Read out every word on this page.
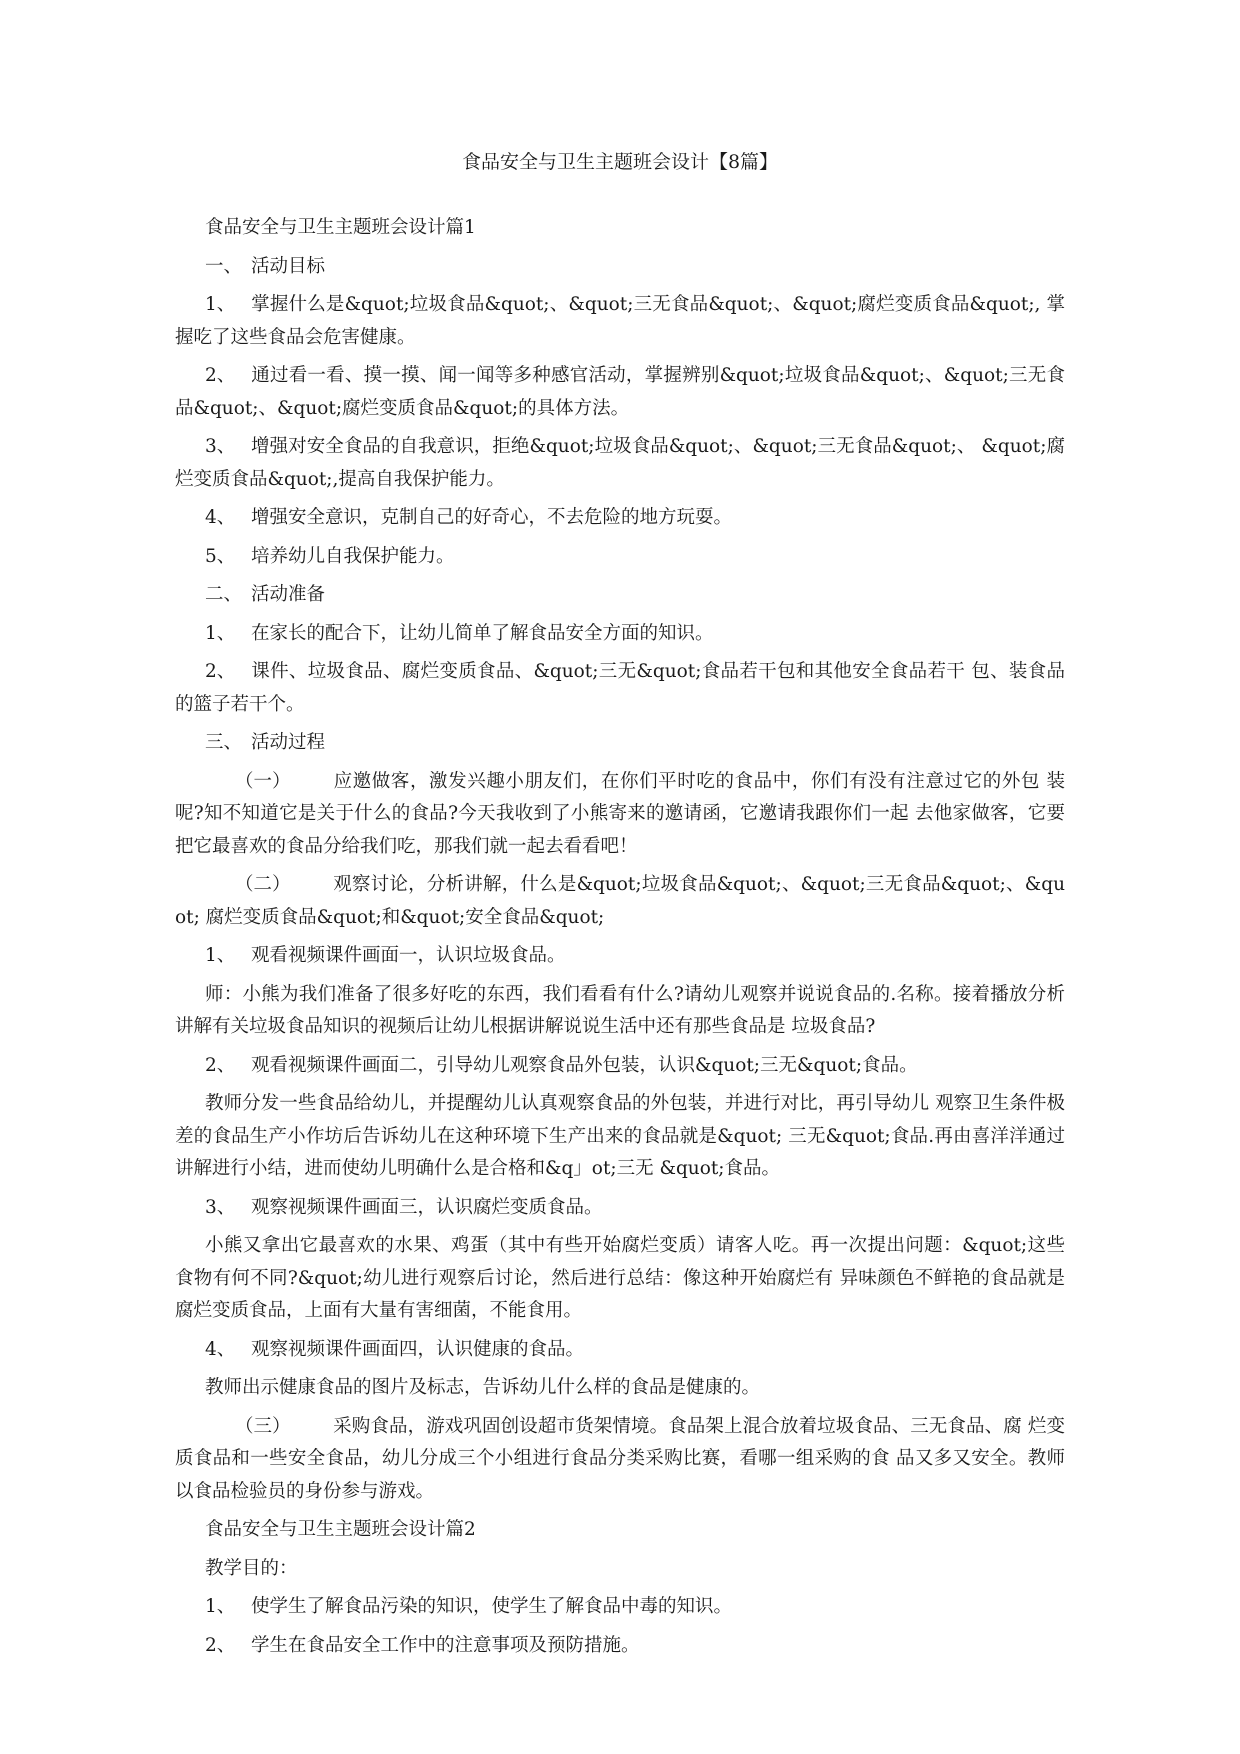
食品安全与卫生主题班会设计【8篇】

食品安全与卫生主题班会设计篇1

一、 活动目标

1、 掌握什么是&quot;垃圾食品&quot;、&quot;三无食品&quot;、&quot;腐烂变质食品&quot;, 掌握吃了这些食品会危害健康。

2、 通过看一看、摸一摸、闻一闻等多种感官活动，掌握辨别&quot;垃圾食品&quot;、&quot;三无食品&quot;、&quot;腐烂变质食品&quot;的具体方法。

3、 增强对安全食品的自我意识，拒绝&quot;垃圾食品&quot;、&quot;三无食品&quot;、 &quot;腐烂变质食品&quot;,提高自我保护能力。

4、 增强安全意识，克制自己的好奇心，不去危险的地方玩耍。

5、 培养幼儿自我保护能力。

二、 活动准备

1、 在家长的配合下，让幼儿简单了解食品安全方面的知识。

2、 课件、垃圾食品、腐烂变质食品、&quot;三无&quot;食品若干包和其他安全食品若干 包、装食品的篮子若干个。

三、 活动过程

（一） 应邀做客，激发兴趣小朋友们，在你们平时吃的食品中，你们有没有注意过它的外包 装呢?知不知道它是关于什么的食品?今天我收到了小熊寄来的邀请函，它邀请我跟你们一起 去他家做客，它要把它最喜欢的食品分给我们吃，那我们就一起去看看吧！

（二） 观察讨论，分析讲解，什么是&quot;垃圾食品&quot;、&quot;三无食品&quot;、&quot; 腐烂变质食品&quot;和&quot;安全食品&quot;

1、 观看视频课件画面一，认识垃圾食品。

师：小熊为我们准备了很多好吃的东西，我们看看有什么?请幼儿观察并说说食品的.名称。接着播放分析讲解有关垃圾食品知识的视频后让幼儿根据讲解说说生活中还有那些食品是 垃圾食品?

2、 观看视频课件画面二，引导幼儿观察食品外包装，认识&quot;三无&quot;食品。

教师分发一些食品给幼儿，并提醒幼儿认真观察食品的外包装，并进行对比，再引导幼儿 观察卫生条件极差的食品生产小作坊后告诉幼儿在这种环境下生产出来的食品就是&quot; 三无&quot;食品.再由喜洋洋通过讲解进行小结，进而使幼儿明确什么是合格和&q」ot;三无 &quot;食品。

3、 观察视频课件画面三，认识腐烂变质食品。

小熊又拿出它最喜欢的水果、鸡蛋（其中有些开始腐烂变质）请客人吃。再一次提出问题：&quot;这些食物有何不同?&quot;幼儿进行观察后讨论，然后进行总结：像这种开始腐烂有 异味颜色不鲜艳的食品就是腐烂变质食品，上面有大量有害细菌，不能食用。

4、 观察视频课件画面四，认识健康的食品。

教师出示健康食品的图片及标志，告诉幼儿什么样的食品是健康的。

（三） 采购食品，游戏巩固创设超市货架情境。食品架上混合放着垃圾食品、三无食品、腐 烂变质食品和一些安全食品，幼儿分成三个小组进行食品分类采购比赛，看哪一组采购的食 品又多又安全。教师以食品检验员的身份参与游戏。

食品安全与卫生主题班会设计篇2

教学目的：

1、 使学生了解食品污染的知识，使学生了解食品中毒的知识。

2、 学生在食品安全工作中的注意事项及预防措施。
